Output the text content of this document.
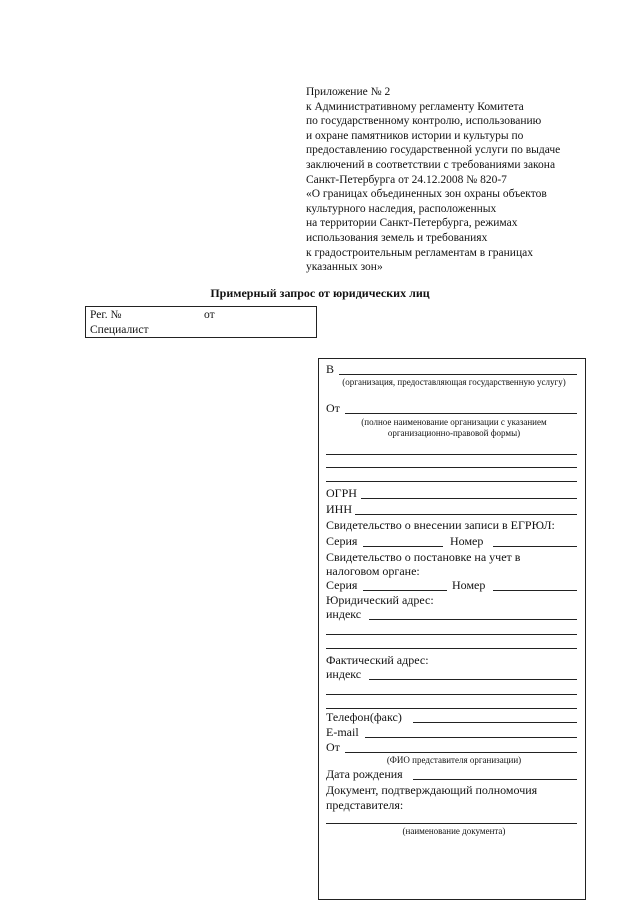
Приложение № 2
к Административному регламенту Комитета
по государственному контролю, использованию
и охране памятников истории и культуры по
предоставлению государственной услуги по выдаче
заключений в соответствии с требованиями закона
Санкт-Петербурга от 24.12.2008 № 820-7
«О границах объединенных зон охраны объектов
культурного наследия, расположенных
на территории Санкт-Петербурга, режимах
использования земель и требованиях
к градостроительным регламентам в границах
указанных зон»
Примерный запрос от юридических лиц
Рег. №	от
Специалист
В
(организация, предоставляющая государственную услугу)
От
(полное наименование организации с указанием организационно-правовой формы)
ОГРН
ИНН
Свидетельство о внесении записи в ЕГРЮЛ:
Серия	Номер
Свидетельство о постановке на учет в
налоговом органе:
Серия	Номер
Юридический адрес:
индекс
Фактический адрес:
индекс
Телефон(факс)
E-mail
От
(ФИО представителя организации)
Дата рождения
Документ, подтверждающий полномочия
представителя:
(наименование документа)
